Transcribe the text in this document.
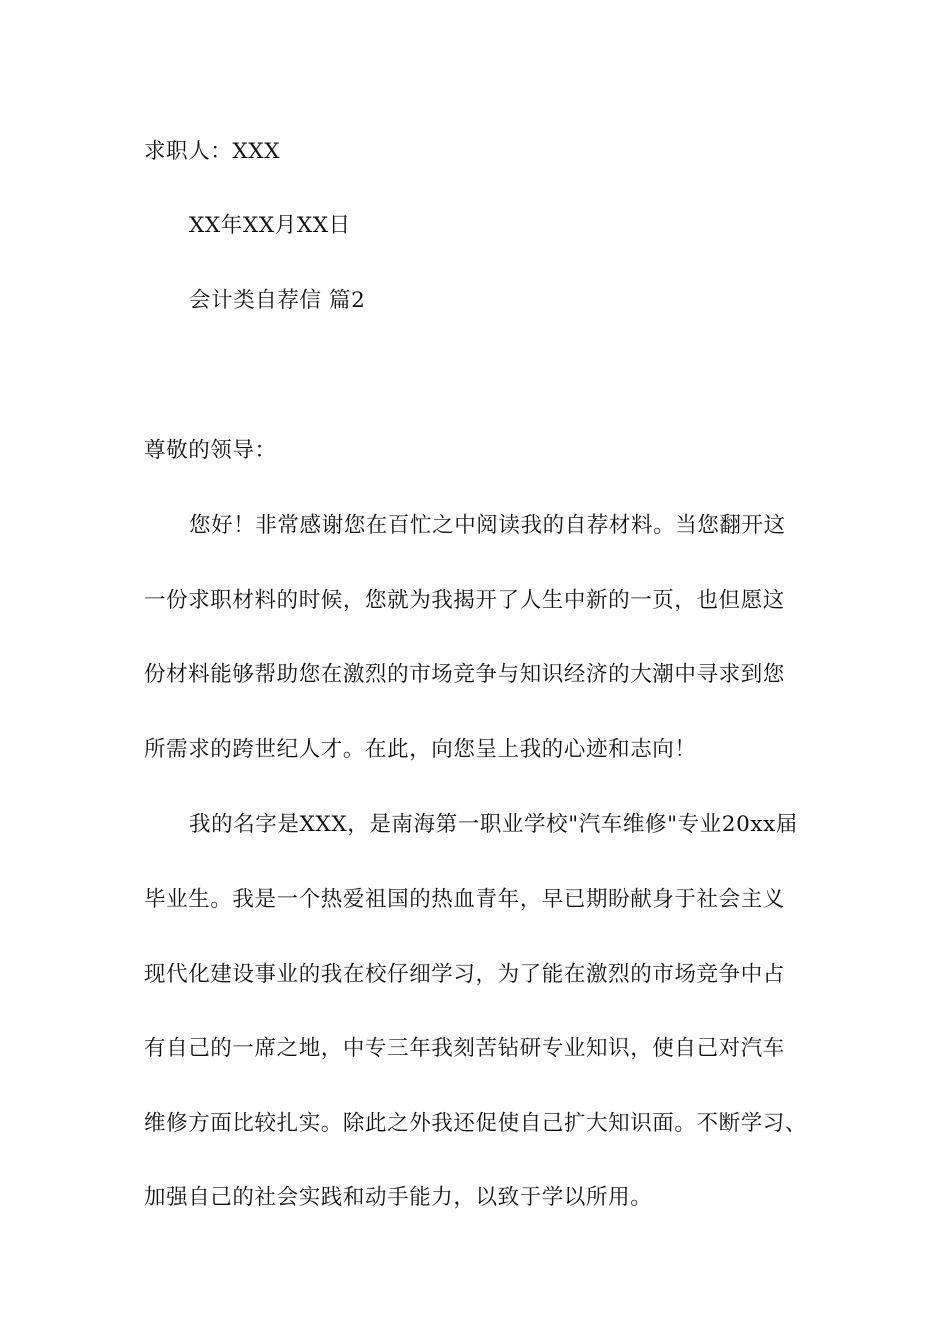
求职人：XXX
XX年XX月XX日
会计类自荐信 篇2
尊敬的领导：
您好！非常感谢您在百忙之中阅读我的自荐材料。当您翻开这
一份求职材料的时候，您就为我揭开了人生中新的一页，也但愿这
份材料能够帮助您在激烈的市场竞争与知识经济的大潮中寻求到您
所需求的跨世纪人才。在此，向您呈上我的心迹和志向！
我的名字是XXX，是南海第一职业学校"汽车维修"专业20xx届
毕业生。我是一个热爱祖国的热血青年，早已期盼献身于社会主义
现代化建设事业的我在校仔细学习，为了能在激烈的市场竞争中占
有自己的一席之地，中专三年我刻苦钻研专业知识，使自己对汽车
维修方面比较扎实。除此之外我还促使自己扩大知识面。不断学习、
加强自己的社会实践和动手能力，以致于学以所用。
